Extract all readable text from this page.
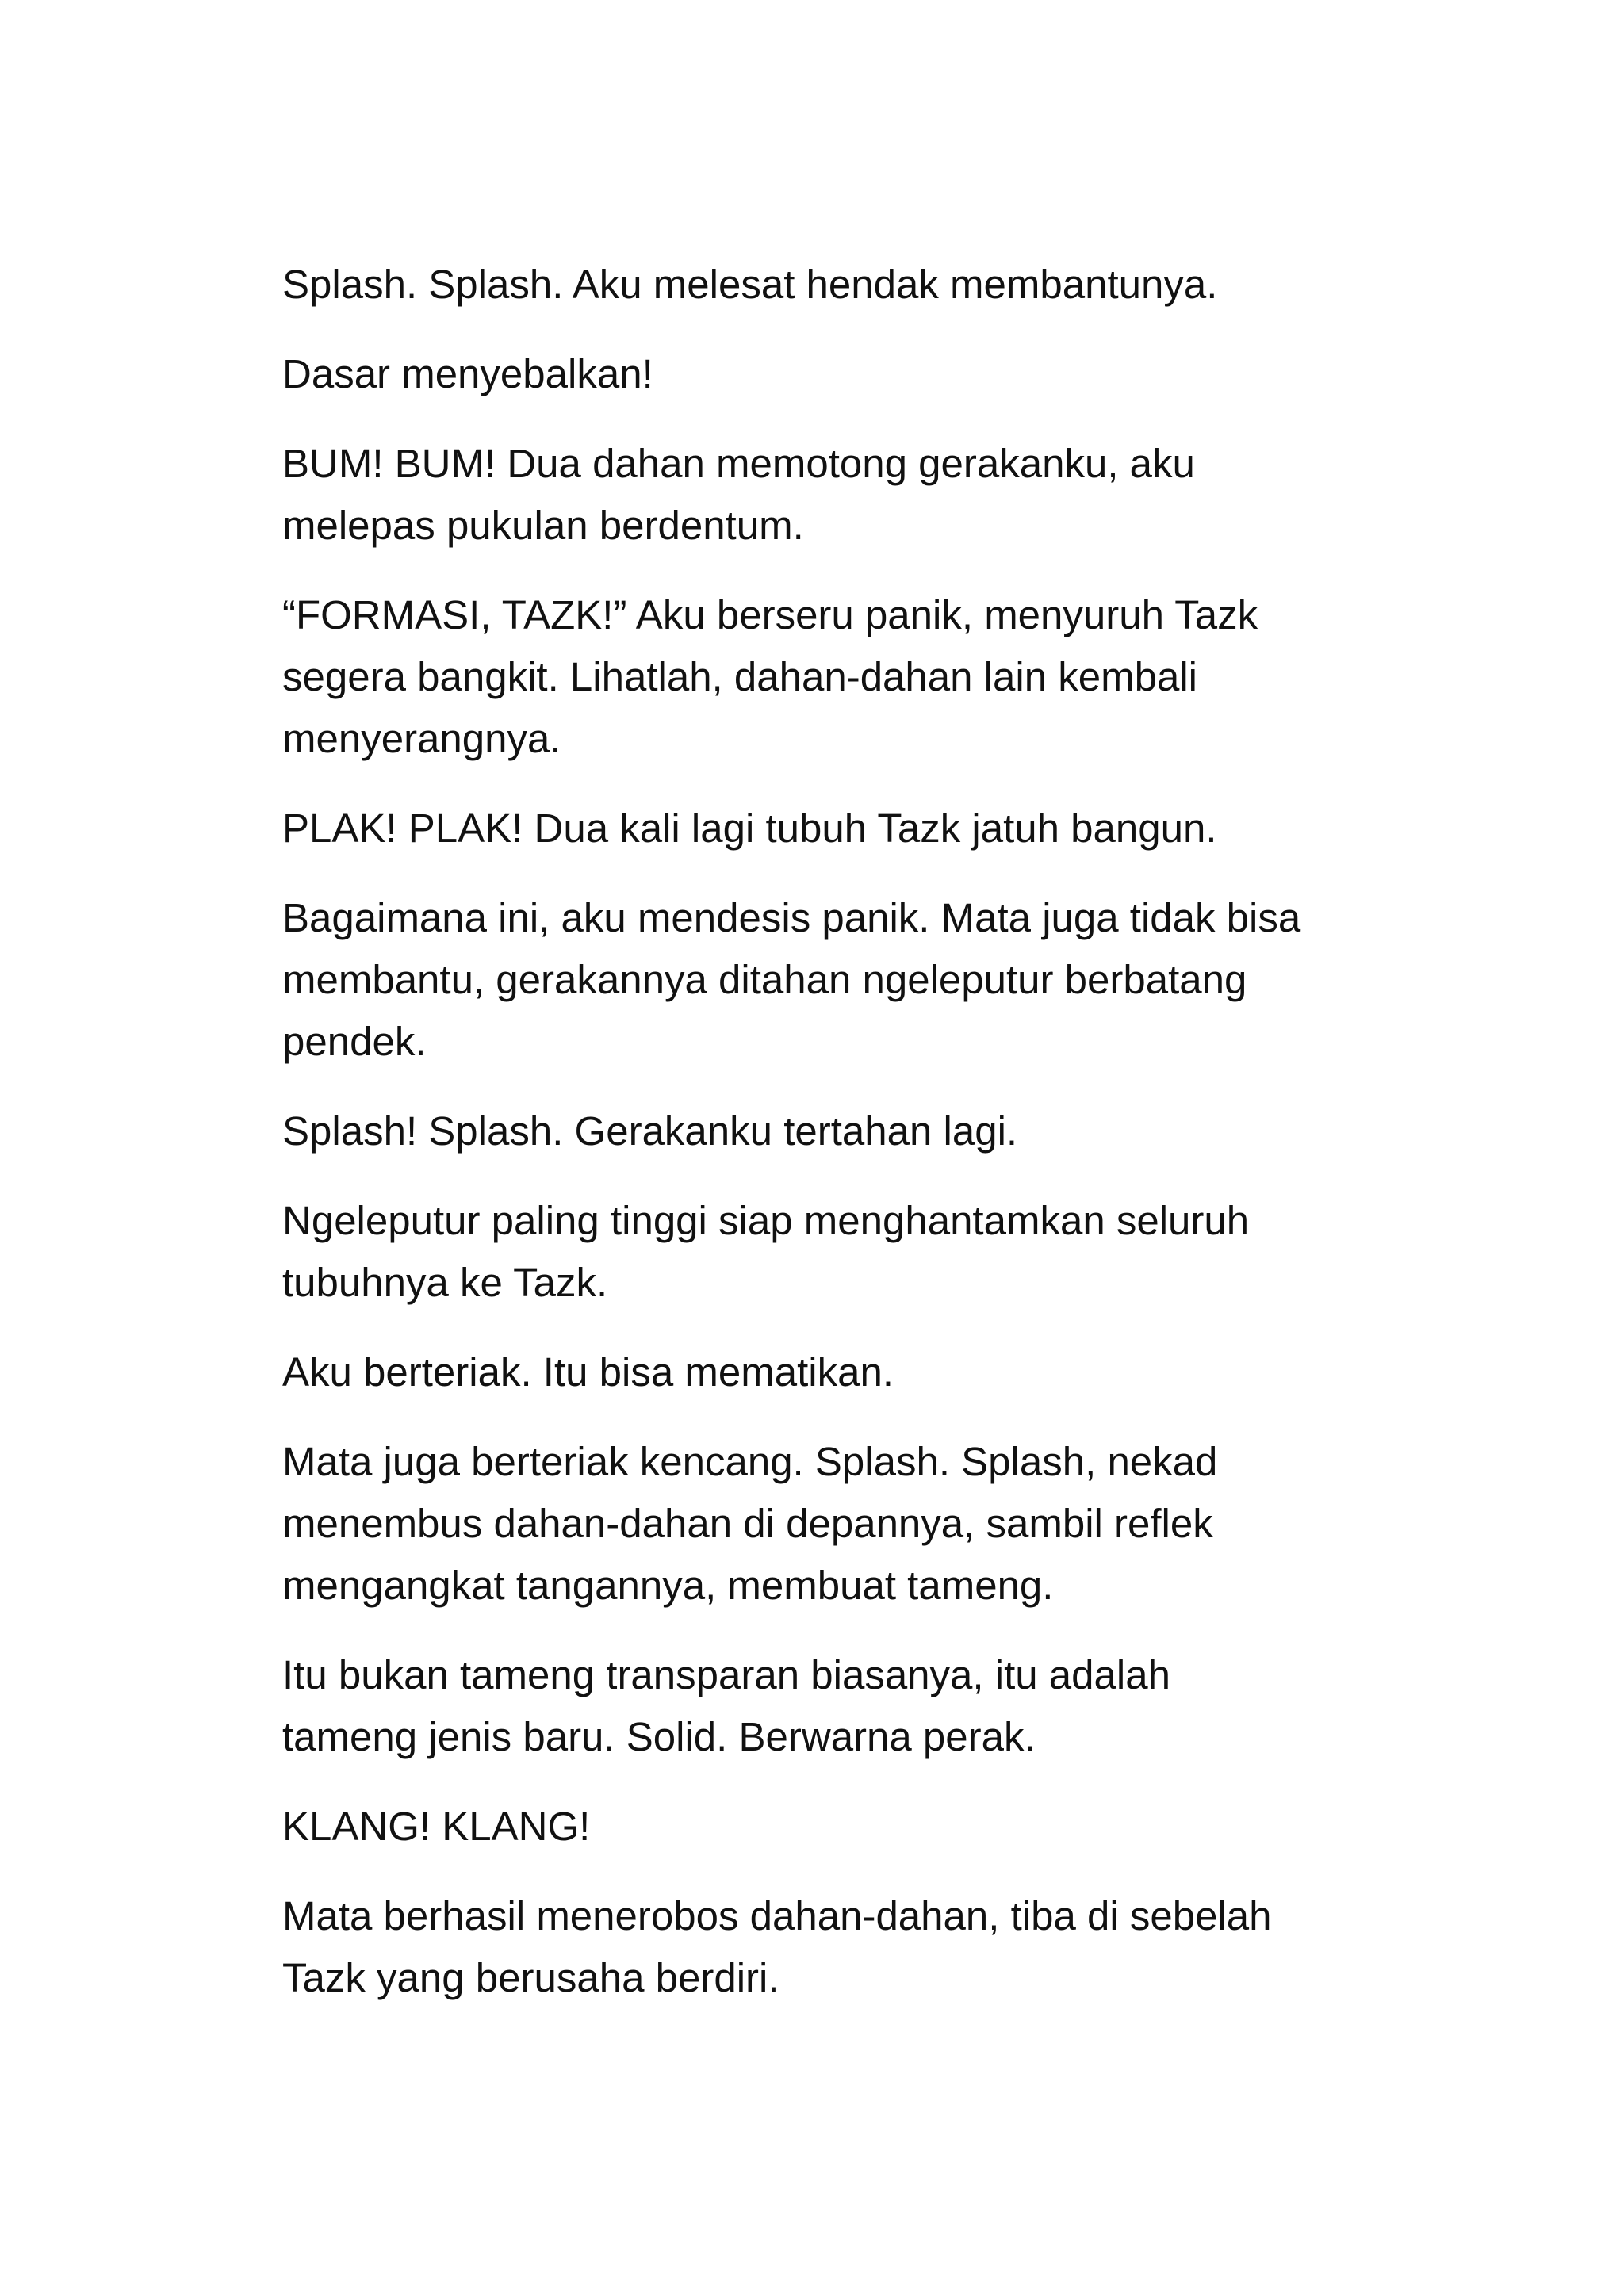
Splash. Splash. Aku melesat hendak membantunya.

Dasar menyebalkan!

BUM! BUM! Dua dahan memotong gerakanku, aku
melepas pukulan berdentum.

“FORMASI, TAZK!” Aku berseru panik, menyuruh Tazk
segera bangkit. Lihatlah, dahan-dahan lain kembali
menyerangnya.

PLAK! PLAK! Dua kali lagi tubuh Tazk jatuh bangun.

Bagaimana ini, aku mendesis panik. Mata juga tidak bisa
membantu, gerakannya ditahan ngeleputur berbatang
pendek.

Splash! Splash. Gerakanku tertahan lagi.

Ngeleputur paling tinggi siap menghantamkan seluruh
tubuhnya ke Tazk.

Aku berteriak. Itu bisa mematikan.

Mata juga berteriak kencang. Splash. Splash, nekad
menembus dahan-dahan di depannya, sambil reflek
mengangkat tangannya, membuat tameng.

Itu bukan tameng transparan biasanya, itu adalah
tameng jenis baru. Solid. Berwarna perak.

KLANG! KLANG!

Mata berhasil menerobos dahan-dahan, tiba di sebelah
Tazk yang berusaha berdiri.
